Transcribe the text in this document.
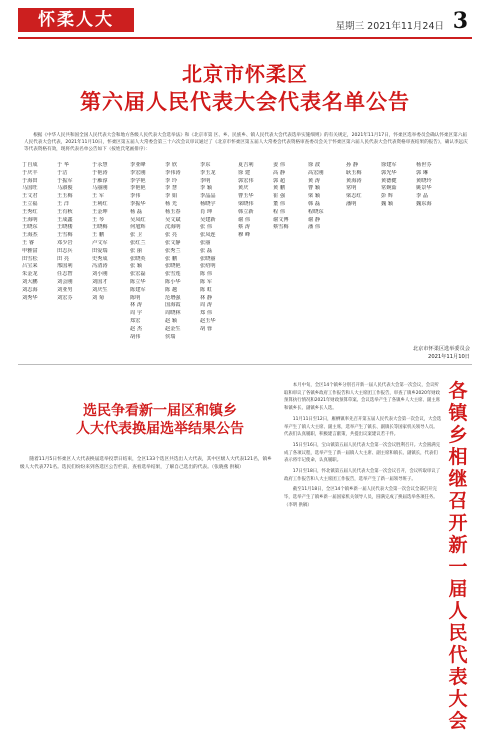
怀柔人大	星期三 2021年11月24日 3
北京市怀柔区
第六届人民代表大会代表名单公告
根据《中华人民共和国全国人民代表大会和地方各级人民代表大会选举法》和《北京市第 区、乡、民族乡、镇人民代表大会代表选举实施细则》的有关规定，2021年11月17日，怀柔区选举委员会确认怀柔区第六届人民代表大会代表，2021年11月10日，怀柔区第五届人大常委会第三十六次会议审议通过了《北京市怀柔区第五届人大常委会代表资格审查委员会关于怀柔区第六届人民代表大会代表资格审查结果的报告》，确认李远庆等代表资格有效，现将代表名单公告如下（按姓氏笔画排序）：
丁自成	于 华	于永慧
于庆丰	于洁	于艳涛
于海田	于振军	于雁淳
马国旺	马淑俊	马丽刚
王文君	王玉梅	王 军
王立福	王 洋	王利红
王秀红	王有秋	王金坤
王海明	王成鑫	王 琴
王晓东	王晓楼	王晓梅
王海杰	王雪梅	王 鹏
王 睿	邓少岩	卢文军
申雅富	田志兵	田爱瑞
田雪松	田 亮	史秀成
吕宝来	邢国利	冯清涛
朱金龙	任志智	刘小刚
刘大鹏	刘会刚	刘国才
刘志海	刘亚男	刘庆生
刘秀华	刘宏芬	刘 菊
李亚峰	李 欣	李东
李宏刚	李伟涛	李玉龙
李学艳	李 玲	李明
李艳艳	李 慧	李 颖
李伟	李 娟	李晶晶
李振华	杨 光	杨晓宇
杨 磊	杨玉春	肖 坤
吴凤红	吴文斌	吴建新
何旭辉	沈海明	张 伟
张 卫	张 亮	张凤连
张红兰	张文静	张丽
张 丽	张秀兰	张 磊
张晓英	张 鹏	张晓丽
张 颖	张晓艳	张绍明
张宏磊	张雪莲	陈 伟
陈立华	陈小华	陈 军
陈建军	陈 越	陈 虹
陈明	范增强	林 静
林 涛	国海霞	周 涛
周 宇	周晓林	郑 伟
郑宏	赵 颖	赵玉华
赵 杰	赵金生	胡 蓉
胡伟	侯瑞
夏吉利	姜 伟	徐 波
徐 建	高 静	高宏刚
郭宏伟	郭 超	黄 涛
黄庆	黄 鹏	曹 颖
曹玉华	崔 强	梁 颖
梁晓伟	董 伟	韩 磊
韩立新	程 伟	程晓东
谢 伟	谢文博	谢 静
蔡 涛	蔡雪梅	潘 伟
穆 峰
孙 静	徐建军	杨世芬
耿玉梅	郭光华	郭 琳
黄海涛	黄德健	黄晓玲
常明	常婉茹	姚景华
梁志红	彭 辉	李 晶
潘明	魏 颖	魏东海
北京市怀柔区选举委员会
2021年11月10日
选民争看新一届区和镇乡
人大代表换届选举结果公告
随着11月5日怀柔区人大代表换届选举投票日结束，全区133个选区共选出人大代表，其中区级人大代表121名，镇乡级人大代表771名。选民们纷纷来到各选区公告栏前，查看选举结果，了解自己选出的代表。（张晓燕 供稿）
各镇乡相继召开新一届人民代表大会

本月中旬，全区14个镇乡分别召开新一届人民代表大会第一次会议，会议听取和审议了各镇乡政府工作报告和人大主席团工作报告，审查了镇乡2020年财政预算执行情况和2021年财政预算草案。会议选举产生了各镇乡人大主席、副主席和镇乡长、副镇乡长人选。

11月11日至12日，雁栖镇率先召开第五届人民代表大会第一次会议，大会选举产生了镇人大主席、副主席，选举产生了镇长、副镇长等国家机关领导人员。代表们认真履职，积极建言献策，共提出议案建议若干件。

15日至16日，宝山镇第五届人民代表大会第一次会议胜利召开。大会圆满完成了各项议程，选举产生了新一届镇人大主席、副主席和镇长、副镇长，代表们表示将牢记使命，认真履职。

17日至18日，怀北镇第五届人民代表大会第一次会议召开，会议听取审议了政府工作报告和人大主席团工作报告，选举产生了新一届领导班子。

截至11月18日，全区14个镇乡新一届人民代表大会第一次会议全部召开完毕，选举产生了镇乡新一届国家机关领导人员，圆满完成了换届选举各项任务。（李明 供稿）
